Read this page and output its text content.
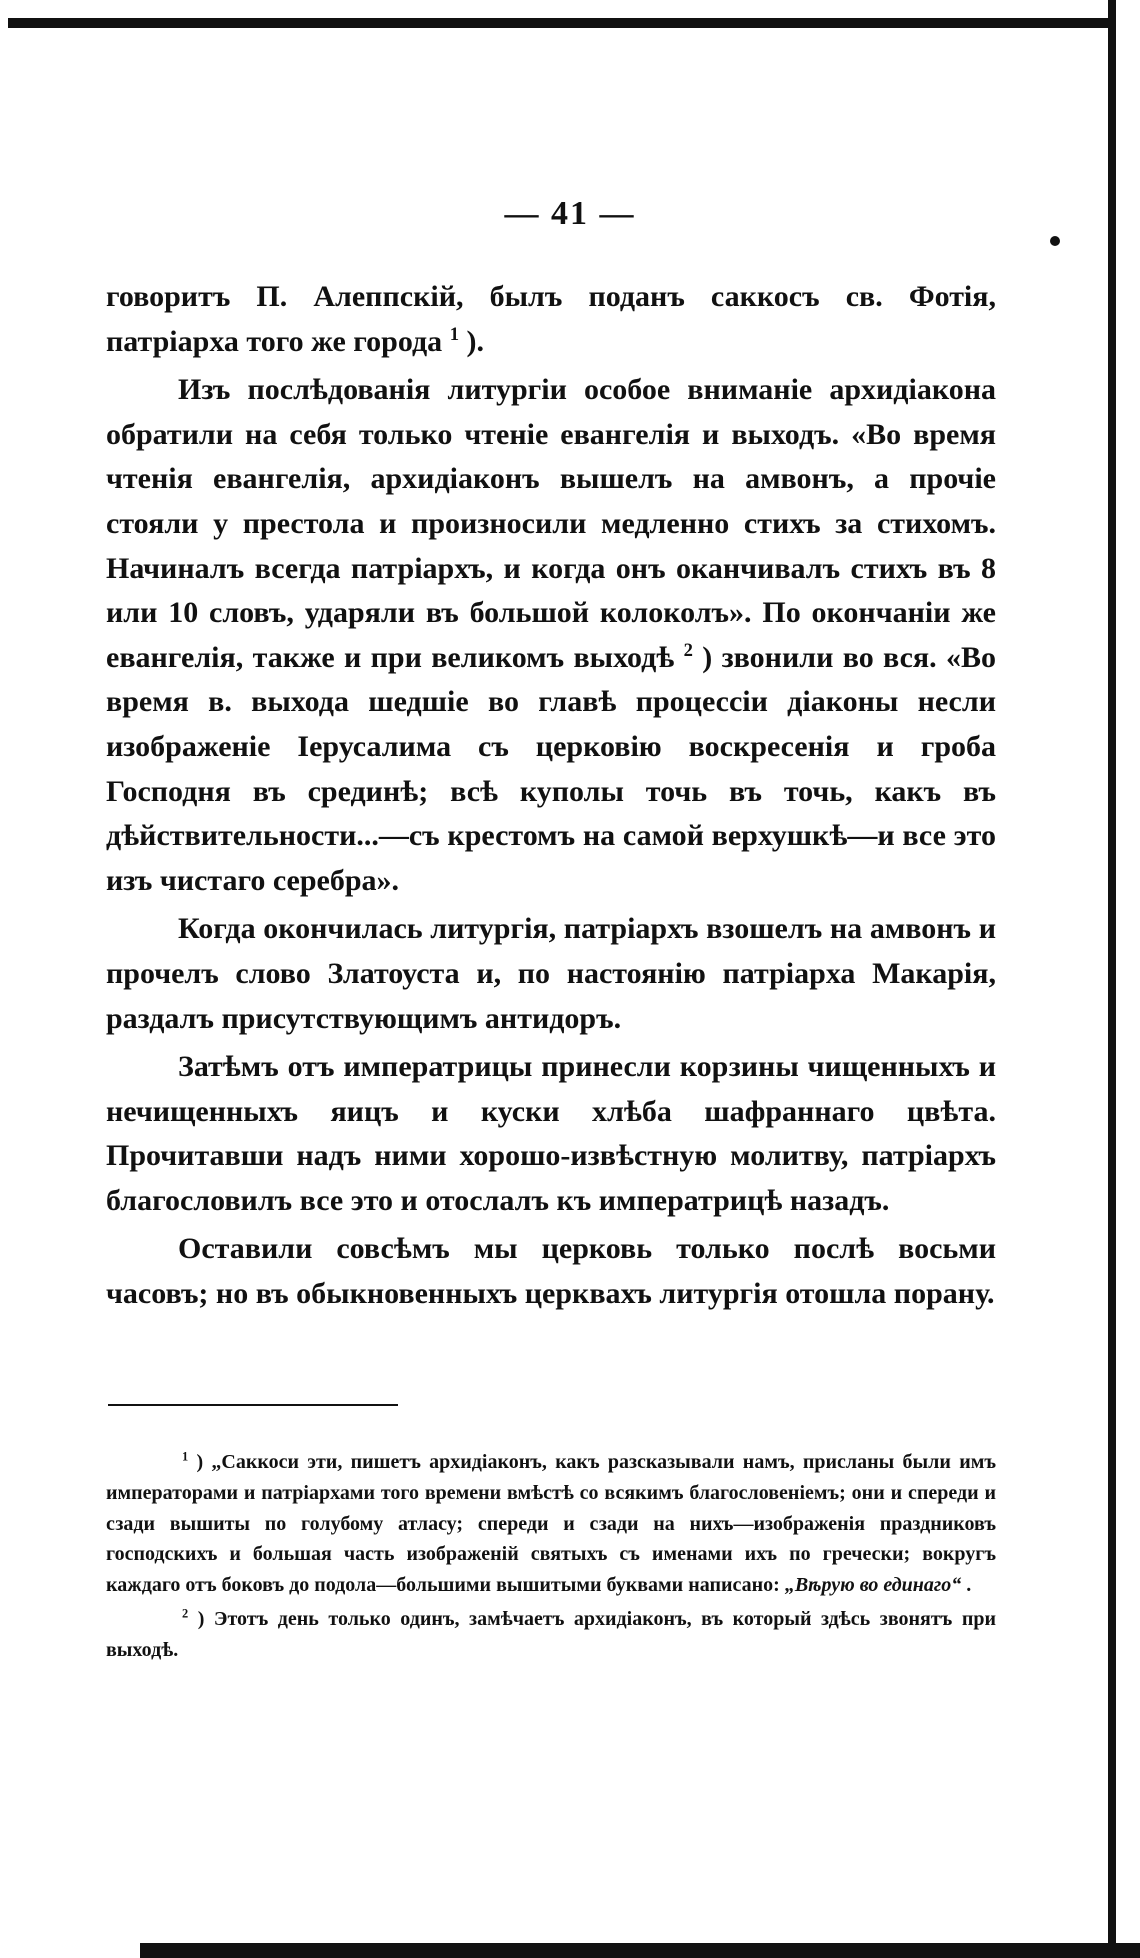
— 41 —

говоритъ П. Алеппскій, былъ поданъ саккосъ св. Фотія, патріарха того же города $^1$ ).

Изъ послѣдованія литургіи особое вниманіе архидіакона обратили на себя только чтеніе евангелія и выходъ. «Во время чтенія евангелія, архидіаконъ вышелъ на амвонъ, а прочіе стояли у престола и произносили медленно стихъ за стихомъ. Начиналъ всегда патріархъ, и когда онъ оканчивалъ стихъ въ 8 или 10 словъ, ударяли въ большой колоколъ». По окончаніи же евангелія, также и при великомъ выходѣ $^2$ ) звонили во вся. «Во время в. выхода шедшіе во главѣ процессіи діаконы несли изображеніе Іерусалима съ церковію воскресенія и гроба Господня въ срединѣ; всѣ куполы точь въ точь, какъ въ дѣйствительности...—съ крестомъ на самой верхушкѣ—и все это изъ чистаго серебра».

Когда окончилась литургія, патріархъ взошелъ на амвонъ и прочелъ слово Златоуста и, по настоянію патріарха Макарія, раздалъ присутствующимъ антидоръ.

Затѣмъ отъ императрицы принесли корзины чищенныхъ и нечищенныхъ яицъ и куски хлѣба шафраннаго цвѣта. Прочитавши надъ ними хорошо-извѣстную молитву, патріархъ благословилъ все это и отослалъ къ императрицѣ назадъ.

Оставили совсѣмъ мы церковь только послѣ восьми часовъ; но въ обыкновенныхъ церквахъ литургія отошла порану.

$^1$ ) „Саккоси эти, пишетъ архидіаконъ, какъ разсказывали намъ, присланы были имъ императорами и патріархами того времени вмѣстѣ со всякимъ благословеніемъ; они и спереди и сзади вышиты по голубому атласу; спереди и сзади на нихъ—изображенія праздниковъ господскихъ и большая часть изображеній святыхъ съ именами ихъ по гречески; вокругъ каждаго отъ боковъ до подола—большими вышитыми буквами написано: „Вѣрую во единаго“ .

$^2$ ) Этотъ день только одинъ, замѣчаетъ архидіаконъ, въ который здѣсь звонятъ при выходѣ.
